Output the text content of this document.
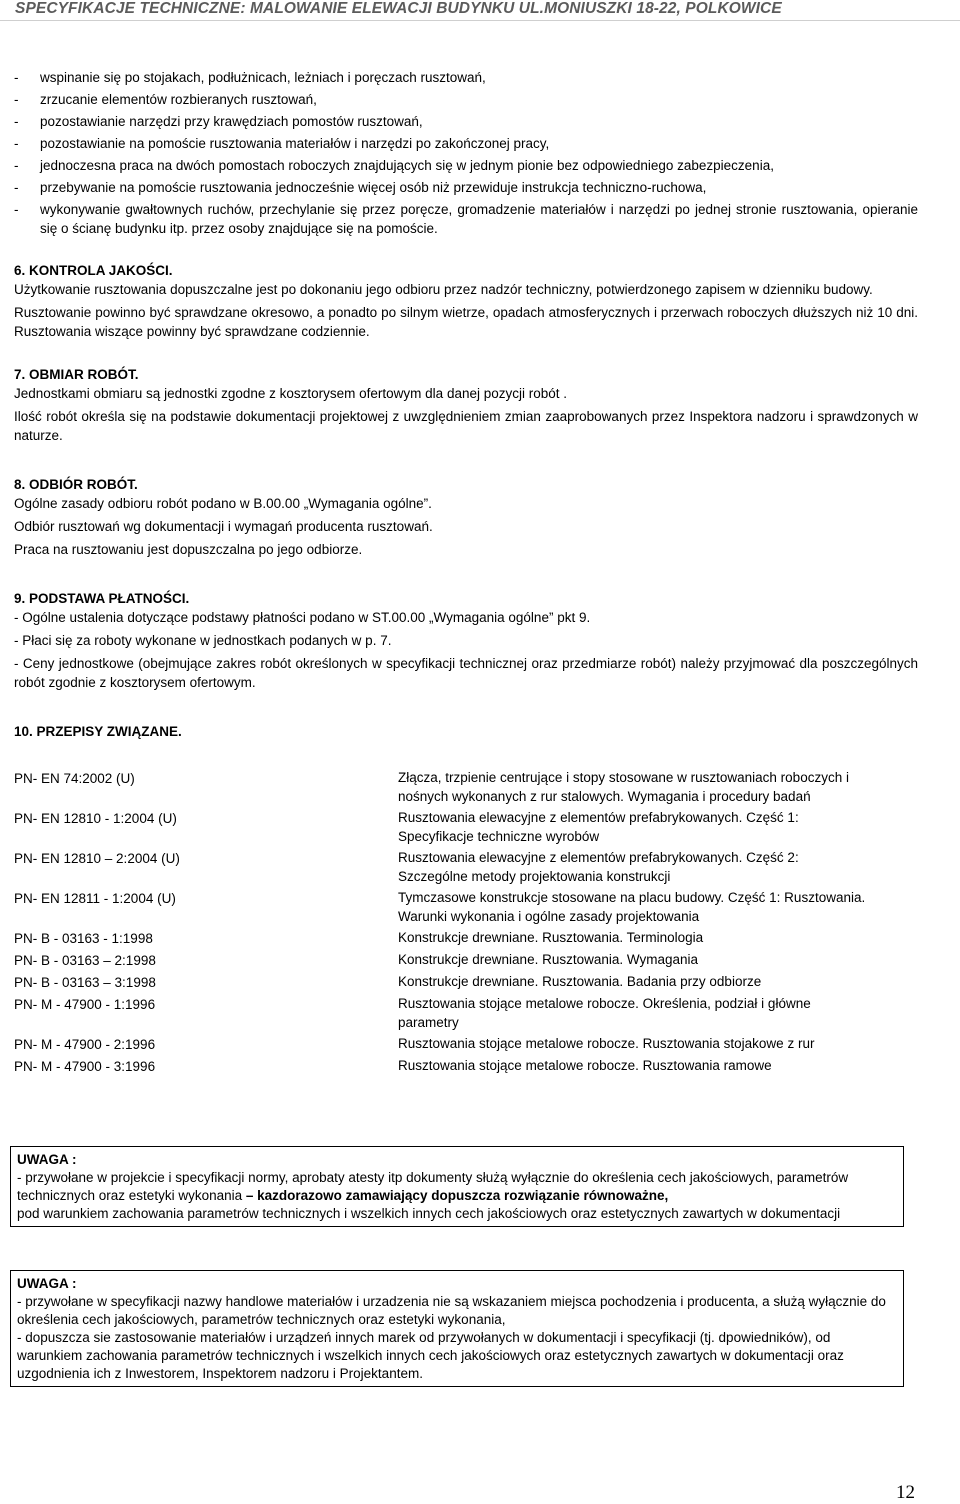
SPECYFIKACJE TECHNICZNE: MALOWANIE ELEWACJI BUDYNKU UL.MONIUSZKI 18-22, POLKOWICE
- wspinanie się po stojakach, podłużnicach, leżniach i poręczach rusztowań,
- zrzucanie elementów rozbieranych rusztowań,
- pozostawianie narzędzi przy krawędziach pomostów rusztowań,
- pozostawianie na pomoście rusztowania materiałów i narzędzi po zakończonej pracy,
- jednoczesna praca na dwóch pomostach roboczych znajdujących się w jednym pionie bez odpowiedniego zabezpieczenia,
- przebywanie na pomoście rusztowania jednocześnie więcej osób niż przewiduje instrukcja techniczno-ruchowa,
- wykonywanie gwałtownych ruchów, przechylanie się przez poręcze, gromadzenie materiałów i narzędzi po jednej stronie rusztowania, opieranie się o ścianę budynku itp. przez osoby znajdujące się na pomoście.
6. KONTROLA JAKOŚCI.

Użytkowanie rusztowania dopuszczalne jest po dokonaniu jego odbioru przez nadzór techniczny, potwierdzonego zapisem w dzienniku budowy.

Rusztowanie powinno być sprawdzane okresowo, a ponadto po silnym wietrze, opadach atmosferycznych i przerwach roboczych dłuższych niż 10 dni. Rusztowania wiszące powinny być sprawdzane codziennie.

7. OBMIAR ROBÓT.

Jednostkami obmiaru są jednostki zgodne z kosztorysem ofertowym dla danej pozycji robót .

Ilość robót określa się na podstawie dokumentacji projektowej z uwzględnieniem zmian zaaprobowanych przez Inspektora nadzoru i sprawdzonych w naturze.

8. ODBIÓR ROBÓT.

Ogólne zasady odbioru robót podano w B.00.00 „Wymagania ogólne”.

Odbiór rusztowań wg dokumentacji i wymagań producenta rusztowań.

Praca na rusztowaniu jest dopuszczalna po jego odbiorze.

9. PODSTAWA PŁATNOŚCI.

- Ogólne ustalenia dotyczące podstawy płatności podano w ST.00.00 „Wymagania ogólne” pkt 9.

- Płaci się za roboty wykonane w jednostkach podanych w p. 7.

- Ceny jednostkowe (obejmujące zakres robót określonych w specyfikacji technicznej oraz przedmiarze robót) należy przyjmować dla poszczególnych robót zgodnie z kosztorysem ofertowym.

10. PRZEPISY ZWIĄZANE.
PN- EN 74:2002 (U)	Złącza, trzpienie centrujące i stopy stosowane w rusztowaniach roboczych i nośnych wykonanych z rur stalowych. Wymagania i procedury badań
PN- EN 12810 - 1:2004 (U)	Rusztowania elewacyjne z elementów prefabrykowanych. Część 1: Specyfikacje techniczne wyrobów
PN- EN 12810 – 2:2004 (U)	Rusztowania elewacyjne z elementów prefabrykowanych. Część 2: Szczególne metody projektowania konstrukcji
PN- EN 12811 - 1:2004 (U)	Tymczasowe konstrukcje stosowane na placu budowy. Część 1: Rusztowania. Warunki wykonania i ogólne zasady projektowania
PN- B - 03163 - 1:1998	Konstrukcje drewniane. Rusztowania. Terminologia
PN- B - 03163 – 2:1998	Konstrukcje drewniane. Rusztowania. Wymagania
PN- B - 03163 – 3:1998	Konstrukcje drewniane. Rusztowania. Badania przy odbiorze
PN- M - 47900 - 1:1996	Rusztowania stojące metalowe robocze. Określenia, podział i główne parametry
PN- M - 47900 - 2:1996	Rusztowania stojące metalowe robocze. Rusztowania stojakowe z rur
PN- M - 47900 - 3:1996	Rusztowania stojące metalowe robocze. Rusztowania ramowe
UWAGA :
- przywołane w projekcie i specyfikacji normy, aprobaty atesty itp dokumenty służą wyłącznie do określenia cech jakościowych, parametrów technicznych oraz estetyki wykonania – kazdorazowo zamawiający dopuszcza rozwiązanie równoważne,
pod warunkiem zachowania parametrów technicznych i wszelkich innych cech jakościowych oraz estetycznych zawartych w dokumentacji
UWAGA :
- przywołane w specyfikacji nazwy handlowe materiałów i urzadzenia nie są wskazaniem miejsca pochodzenia i producenta, a służą wyłącznie do określenia cech jakościowych, parametrów technicznych oraz estetyki wykonania,
- dopuszcza sie zastosowanie materiałów i urządzeń innych marek od przywołanych w dokumentacji i specyfikacji (tj. dpowiedników), od warunkiem zachowania parametrów technicznych i wszelkich innych cech jakościowych oraz estetycznych zawartych w dokumentacji oraz uzgodnienia ich z Inwestorem, Inspektorem nadzoru i Projektantem.
12
